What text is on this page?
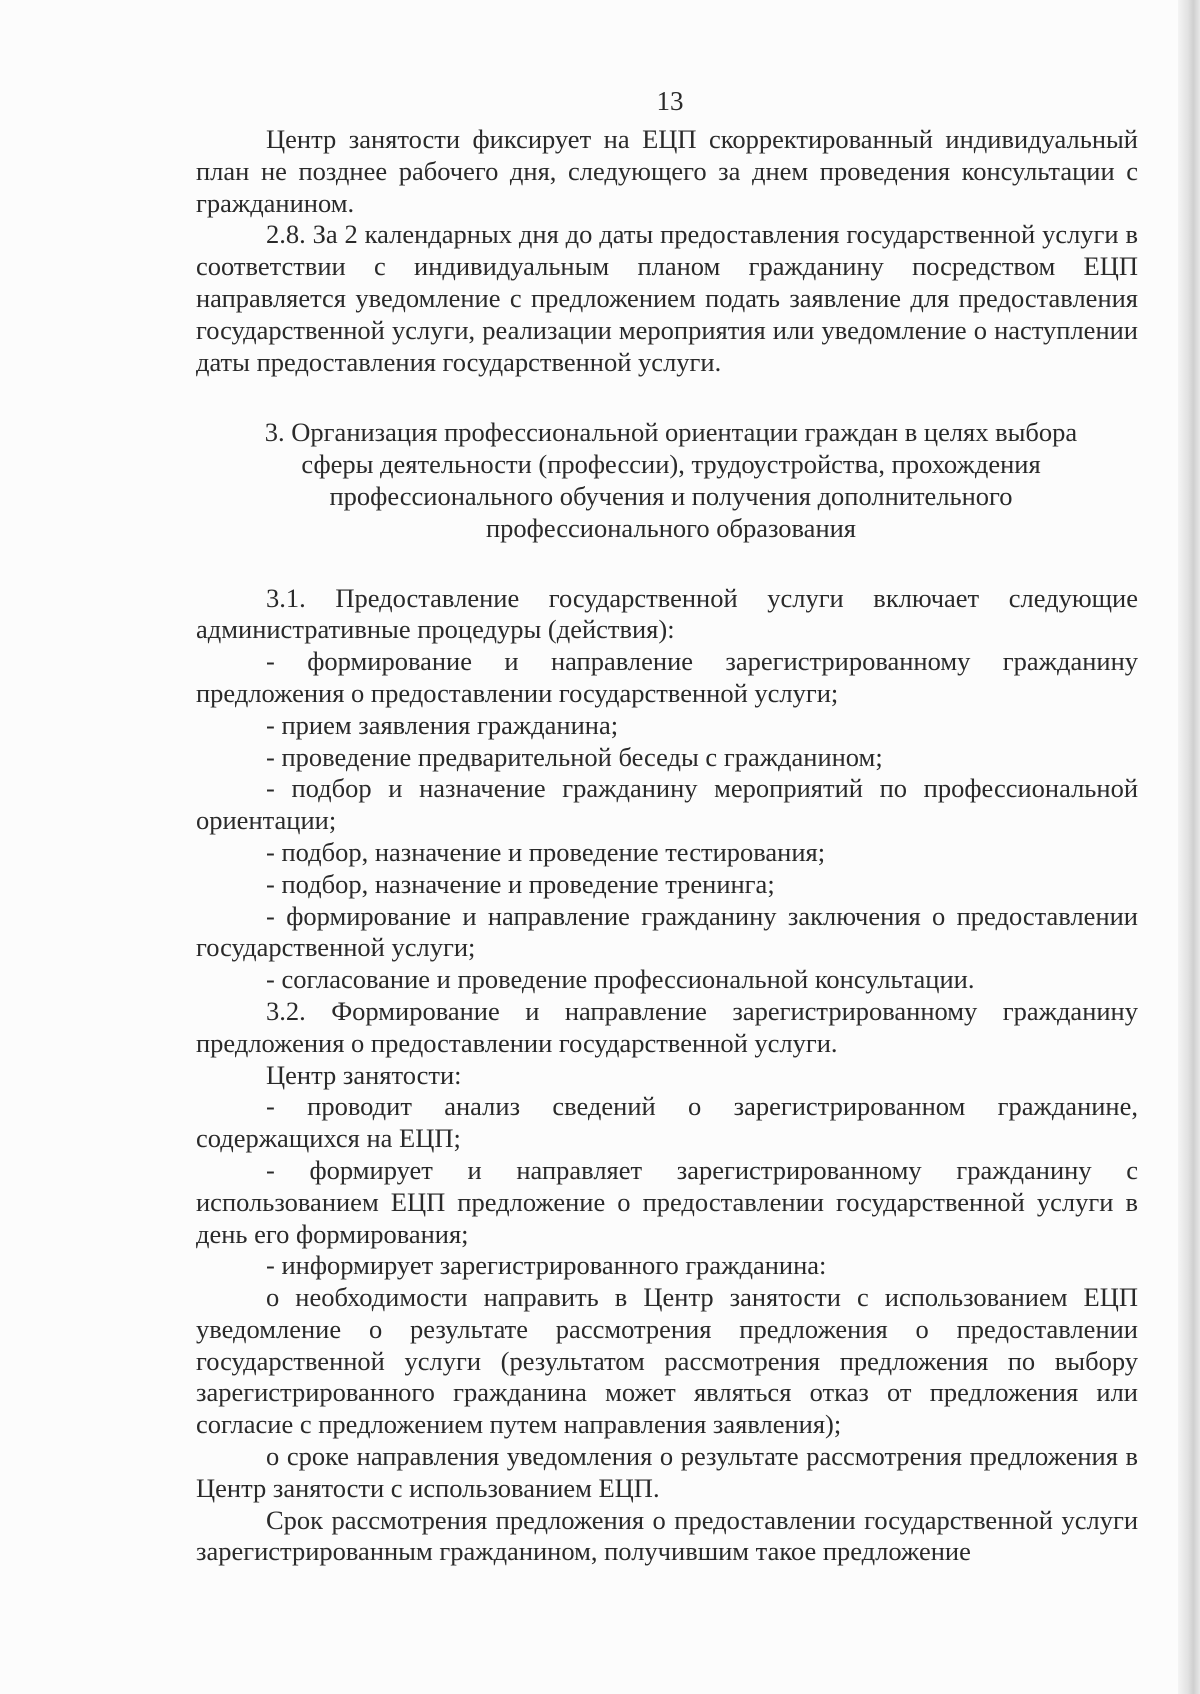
13

Центр занятости фиксирует на ЕЦП скорректированный индивидуальный план не позднее рабочего дня, следующего за днем проведения консультации с гражданином.

2.8. За 2 календарных дня до даты предоставления государственной услуги в соответствии с индивидуальным планом гражданину посредством ЕЦП направляется уведомление с предложением подать заявление для предоставления государственной услуги, реализации мероприятия или уведомление о наступлении даты предоставления государственной услуги.

3. Организация профессиональной ориентации граждан в целях выбора сферы деятельности (профессии), трудоустройства, прохождения профессионального обучения и получения дополнительного профессионального образования

3.1. Предоставление государственной услуги включает следующие административные процедуры (действия):

- формирование и направление зарегистрированному гражданину предложения о предоставлении государственной услуги;

- прием заявления гражданина;

- проведение предварительной беседы с гражданином;

- подбор и назначение гражданину мероприятий по профессиональной ориентации;

- подбор, назначение и проведение тестирования;

- подбор, назначение и проведение тренинга;

- формирование и направление гражданину заключения о предоставлении государственной услуги;

- согласование и проведение профессиональной консультации.

3.2. Формирование и направление зарегистрированному гражданину предложения о предоставлении государственной услуги.

Центр занятости:

- проводит анализ сведений о зарегистрированном гражданине, содержащихся на ЕЦП;

- формирует и направляет зарегистрированному гражданину с использованием ЕЦП предложение о предоставлении государственной услуги в день его формирования;

- информирует зарегистрированного гражданина:

о необходимости направить в Центр занятости с использованием ЕЦП уведомление о результате рассмотрения предложения о предоставлении государственной услуги (результатом рассмотрения предложения по выбору зарегистрированного гражданина может являться отказ от предложения или согласие с предложением путем направления заявления);

о сроке направления уведомления о результате рассмотрения предложения в Центр занятости с использованием ЕЦП.

Срок рассмотрения предложения о предоставлении государственной услуги зарегистрированным гражданином, получившим такое предложение
